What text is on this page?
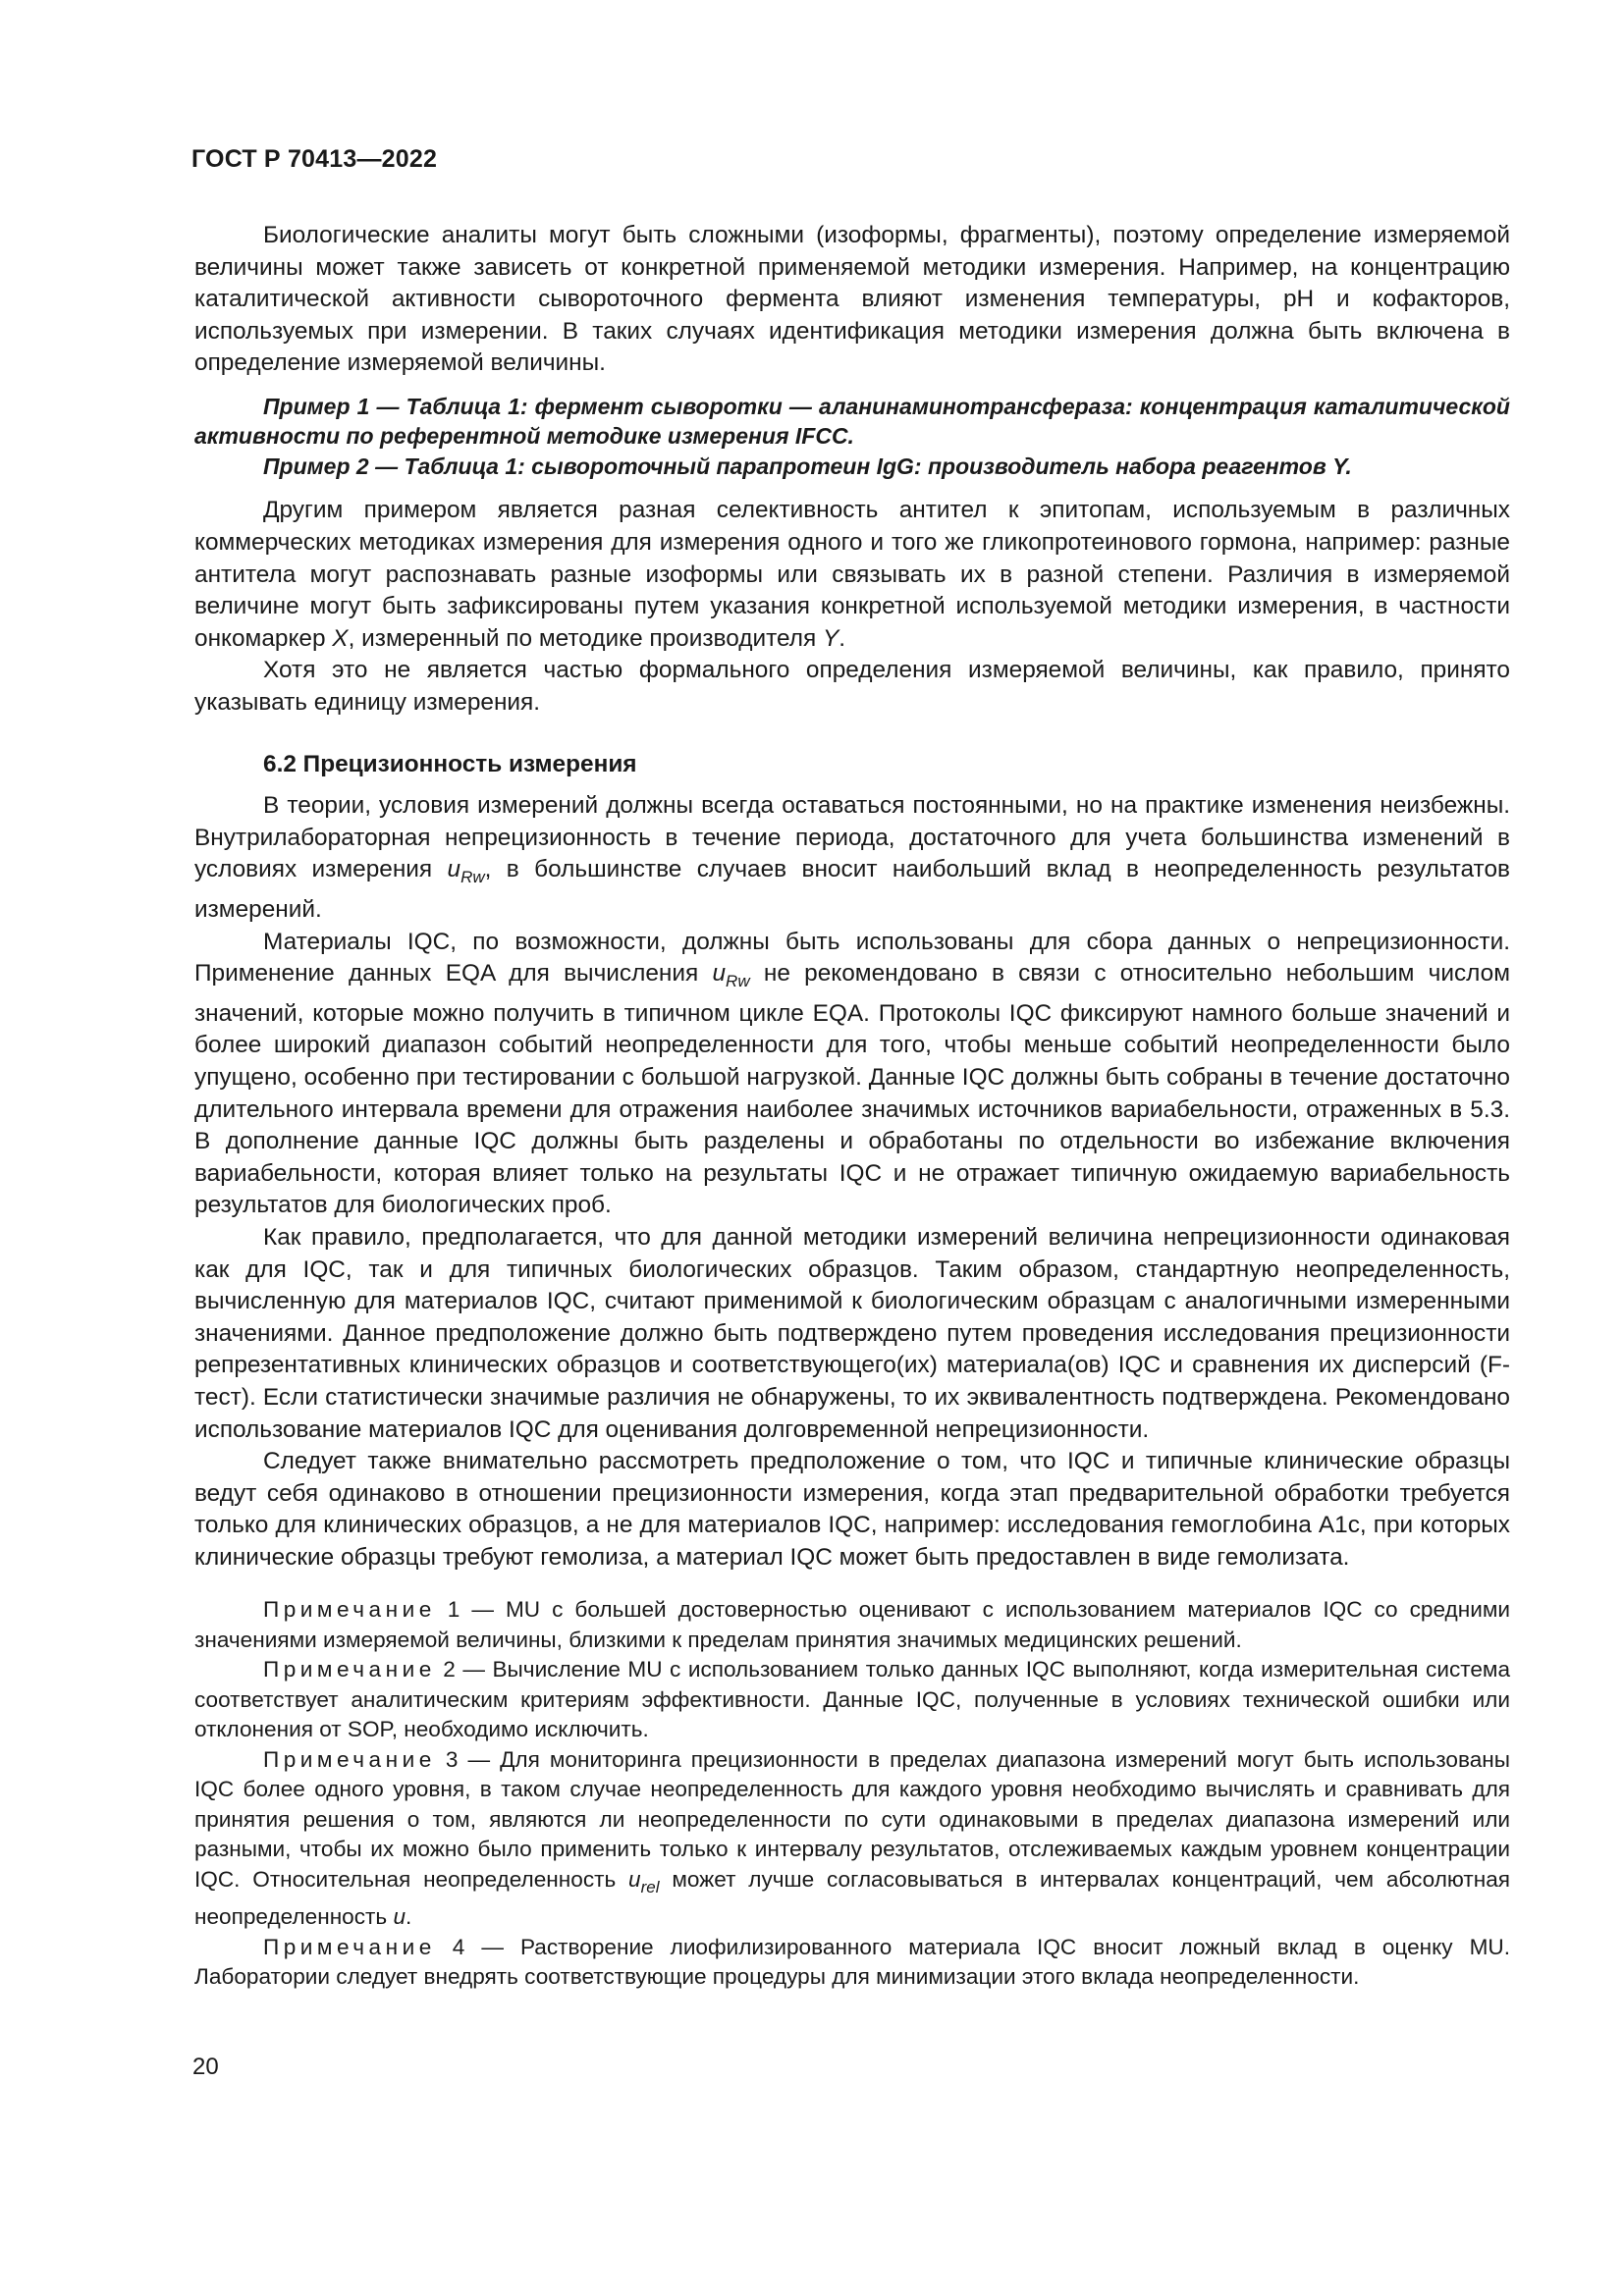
ГОСТ Р 70413—2022

Биологические аналиты могут быть сложными (изоформы, фрагменты), поэтому определение измеряемой величины может также зависеть от конкретной применяемой методики измерения. Например, на концентрацию каталитической активности сывороточного фермента влияют изменения температуры, pH и кофакторов, используемых при измерении. В таких случаях идентификация методики измерения должна быть включена в определение измеряемой величины.

Пример 1 — Таблица 1: фермент сыворотки — аланинаминотрансфераза: концентрация каталитической активности по референтной методике измерения IFCC.

Пример 2 — Таблица 1: сывороточный парапротеин IgG: производитель набора реагентов Y.

Другим примером является разная селективность антител к эпитопам, используемым в различных коммерческих методиках измерения для измерения одного и того же гликопротеинового гормона, например: разные антитела могут распознавать разные изоформы или связывать их в разной степени. Различия в измеряемой величине могут быть зафиксированы путем указания конкретной используемой методики измерения, в частности онкомаркер X, измеренный по методике производителя Y.

Хотя это не является частью формального определения измеряемой величины, как правило, принято указывать единицу измерения.

6.2 Прецизионность измерения

В теории, условия измерений должны всегда оставаться постоянными, но на практике изменения неизбежны. Внутрилабораторная непрецизионность в течение периода, достаточного для учета большинства изменений в условиях измерения $u_{Rw}$, в большинстве случаев вносит наибольший вклад в неопределенность результатов измерений.

Материалы IQC, по возможности, должны быть использованы для сбора данных о непрецизионности. Применение данных EQA для вычисления $u_{Rw}$ не рекомендовано в связи с относительно небольшим числом значений, которые можно получить в типичном цикле EQA. Протоколы IQC фиксируют намного больше значений и более широкий диапазон событий неопределенности для того, чтобы меньше событий неопределенности было упущено, особенно при тестировании с большой нагрузкой. Данные IQC должны быть собраны в течение достаточно длительного интервала времени для отражения наиболее значимых источников вариабельности, отраженных в 5.3. В дополнение данные IQC должны быть разделены и обработаны по отдельности во избежание включения вариабельности, которая влияет только на результаты IQC и не отражает типичную ожидаемую вариабельность результатов для биологических проб.

Как правило, предполагается, что для данной методики измерений величина непрецизионности одинаковая как для IQC, так и для типичных биологических образцов. Таким образом, стандартную неопределенность, вычисленную для материалов IQC, считают применимой к биологическим образцам с аналогичными измеренными значениями. Данное предположение должно быть подтверждено путем проведения исследования прецизионности репрезентативных клинических образцов и соответствующего(их) материала(ов) IQC и сравнения их дисперсий (F-тест). Если статистически значимые различия не обнаружены, то их эквивалентность подтверждена. Рекомендовано использование материалов IQC для оценивания долговременной непрецизионности.

Следует также внимательно рассмотреть предположение о том, что IQC и типичные клинические образцы ведут себя одинаково в отношении прецизионности измерения, когда этап предварительной обработки требуется только для клинических образцов, а не для материалов IQC, например: исследования гемоглобина A1c, при которых клинические образцы требуют гемолиза, а материал IQC может быть предоставлен в виде гемолизата.

Примечание 1 — MU с большей достоверностью оценивают с использованием материалов IQC со средними значениями измеряемой величины, близкими к пределам принятия значимых медицинских решений.

Примечание 2 — Вычисление MU с использованием только данных IQC выполняют, когда измерительная система соответствует аналитическим критериям эффективности. Данные IQC, полученные в условиях технической ошибки или отклонения от SOP, необходимо исключить.

Примечание 3 — Для мониторинга прецизионности в пределах диапазона измерений могут быть использованы IQC более одного уровня, в таком случае неопределенность для каждого уровня необходимо вычислять и сравнивать для принятия решения о том, являются ли неопределенности по сути одинаковыми в пределах диапазона измерений или разными, чтобы их можно было применить только к интервалу результатов, отслеживаемых каждым уровнем концентрации IQC. Относительная неопределенность $u_{rel}$ может лучше согласовываться в интервалах концентраций, чем абсолютная неопределенность u.

Примечание 4 — Растворение лиофилизированного материала IQC вносит ложный вклад в оценку MU. Лаборатории следует внедрять соответствующие процедуры для минимизации этого вклада неопределенности.

20
